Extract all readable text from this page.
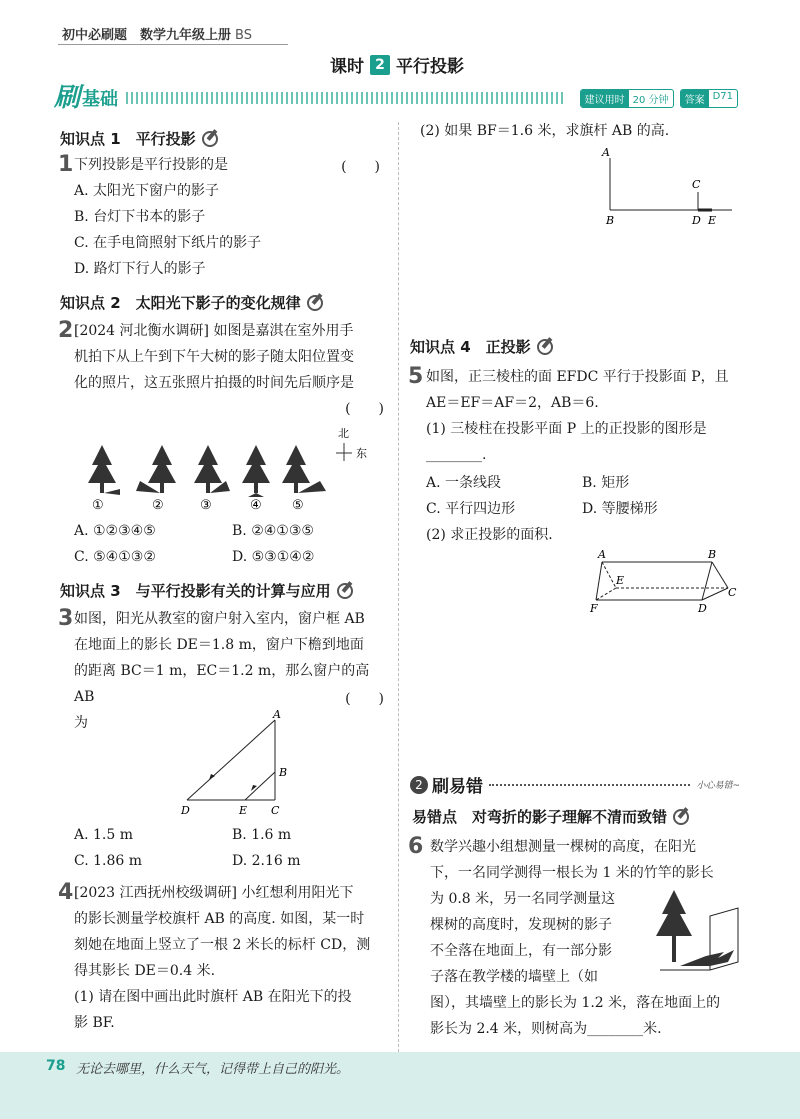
初中必刷题　数学九年级上册 BS
课时 2 平行投影
刷 基础	建议用时 20 分钟	答案 D71
知识点 1　平行投影
1 下列投影是平行投影的是	(　　)
A. 太阳光下窗户的影子
B. 台灯下书本的影子
C. 在手电筒照射下纸片的影子
D. 路灯下行人的影子
知识点 2　太阳光下影子的变化规律
2 [2024 河北衡水调研] 如图是嘉淇在室外用手
机拍下从上午到下午大树的影子随太阳位置变
化的照片，这五张照片拍摄的时间先后顺序是
(　　)
北
东
①	②	③	④ ⑤
A. ①②③④⑤	B. ②④①③⑤
C. ⑤④①③②	D. ⑤③①④②
知识点 3　与平行投影有关的计算与应用
3 如图，阳光从教室的窗户射入室内，窗户框 AB
在地面上的影长 DE＝1.8 m，窗户下檐到地面
的距离 BC＝1 m，EC＝1.2 m，那么窗户的高 AB
为
(　　)
A
B
D	E C
A. 1.5 m	B. 1.6 m
C. 1.86 m	D. 2.16 m
4 [2023 江西抚州校级调研] 小红想利用阳光下
的影长测量学校旗杆 AB 的高度. 如图，某一时
刻她在地面上竖立了一根 2 米长的标杆 CD，测
得其影长 DE＝0.4 米.
(1) 请在图中画出此时旗杆 AB 在阳光下的投
影 BF.
(2) 如果 BF＝1.6 米，求旗杆 AB 的高.
A
C
B	D E
知识点 4　正投影
5 如图，正三棱柱的面 EFDC 平行于投影面 P，且
AE＝EF＝AF＝2，AB＝6.
(1) 三棱柱在投影平面 P 上的正投影的图形是
________.
A. 一条线段	B. 矩形
C. 平行四边形	D. 等腰梯形
(2) 求正投影的面积.
A	B
E
C
F	D
2 刷易错	小心易错~
易错点　对弯折的影子理解不清而致错
6 数学兴趣小组想测量一棵树的高度，在阳光
下，一名同学测得一根长为 1 米的竹竿的影长
为 0.8 米，另一名同学测量这
棵树的高度时，发现树的影子
不全落在地面上，有一部分影
子落在教学楼的墙壁上（如
图），其墙壁上的影长为 1.2 米，落在地面上的
影长为 2.4 米，则树高为________米.
78 无论去哪里，什么天气，记得带上自己的阳光。
